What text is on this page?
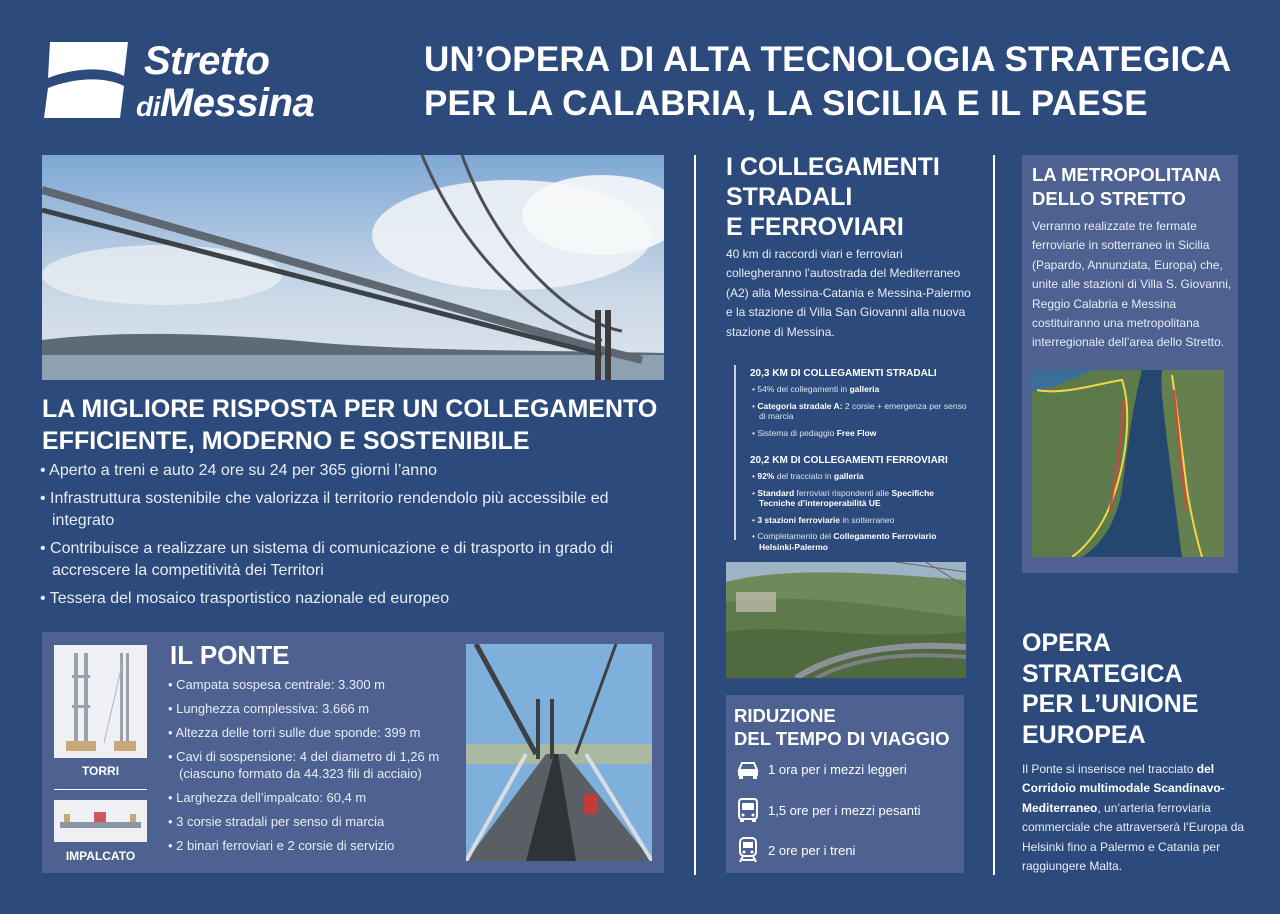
Stretto
diMessina
UN’OPERA DI ALTA TECNOLOGIA STRATEGICA
PER LA CALABRIA, LA SICILIA E IL PAESE
LA MIGLIORE RISPOSTA PER UN COLLEGAMENTO
EFFICIENTE, MODERNO E SOSTENIBILE
• Aperto a treni e auto 24 ore su 24 per 365 giorni l’anno
• Infrastruttura sostenibile che valorizza il territorio rendendolo più accessibile ed integrato
• Contribuisce a realizzare un sistema di comunicazione e di trasporto in grado di accrescere la competitività dei Territori
• Tessera del mosaico trasportistico nazionale ed europeo
TORRI
IMPALCATO
IL PONTE
• Campata sospesa centrale: 3.300 m
• Lunghezza complessiva: 3.666 m
• Altezza delle torri sulle due sponde: 399 m
• Cavi di sospensione: 4 del diametro di 1,26 m (ciascuno formato da 44.323 fili di acciaio)
• Larghezza dell’impalcato: 60,4 m
• 3 corsie stradali per senso di marcia
• 2 binari ferroviari e 2 corsie di servizio
I COLLEGAMENTI
STRADALI
E FERROVIARI
40 km di raccordi viari e ferroviari collegheranno l’autostrada del Mediterraneo (A2) alla Messina-Catania e Messina-Palermo e la stazione di Villa San Giovanni alla nuova stazione di Messina.
20,3 KM DI COLLEGAMENTI STRADALI
• 54% dei collegamenti in galleria
• Categoria stradale A: 2 corsie + emergenza per senso di marcia
• Sistema di pedaggio Free Flow
20,2 KM DI COLLEGAMENTI FERROVIARI
• 92% del tracciato in galleria
• Standard ferroviari rispondenti alle Specifiche Tecniche d’interoperabilità UE
• 3 stazioni ferroviarie in sotterraneo
• Completamento del Collegamento Ferroviario Helsinki-Palermo
RIDUZIONE
DEL TEMPO DI VIAGGIO
1 ora per i mezzi leggeri
1,5 ore per i mezzi pesanti
2 ore per i treni
LA METROPOLITANA
DELLO STRETTO
Verranno realizzate tre fermate ferroviarie in sotterraneo in Sicilia (Papardo, Annunziata, Europa) che, unite alle stazioni di Villa S. Giovanni, Reggio Calabria e Messina costituiranno una metropolitana interregionale dell’area dello Stretto.
OPERA
STRATEGICA
PER L’UNIONE
EUROPEA
Il Ponte si inserisce nel tracciato del Corridoio multimodale Scandinavo-Mediterraneo, un’arteria ferroviaria commerciale che attraverserà l’Europa da Helsinki fino a Palermo e Catania per raggiungere Malta.
